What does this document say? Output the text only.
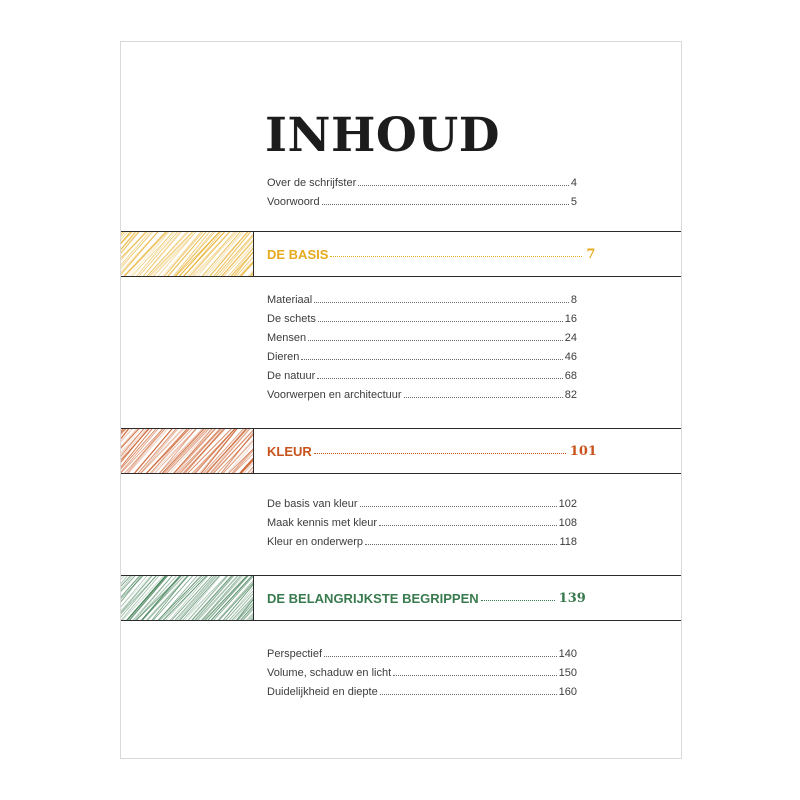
INHOUD
Over de schrijfster	4
Voorwoord	5
DE BASIS	7
Materiaal	8
De schets	16
Mensen	24
Dieren	46
De natuur	68
Voorwerpen en architectuur	82
KLEUR	101
De basis van kleur	102
Maak kennis met kleur	108
Kleur en onderwerp	118
DE BELANGRIJKSTE BEGRIPPEN	139
Perspectief	140
Volume, schaduw en licht	150
Duidelijkheid en diepte	160
